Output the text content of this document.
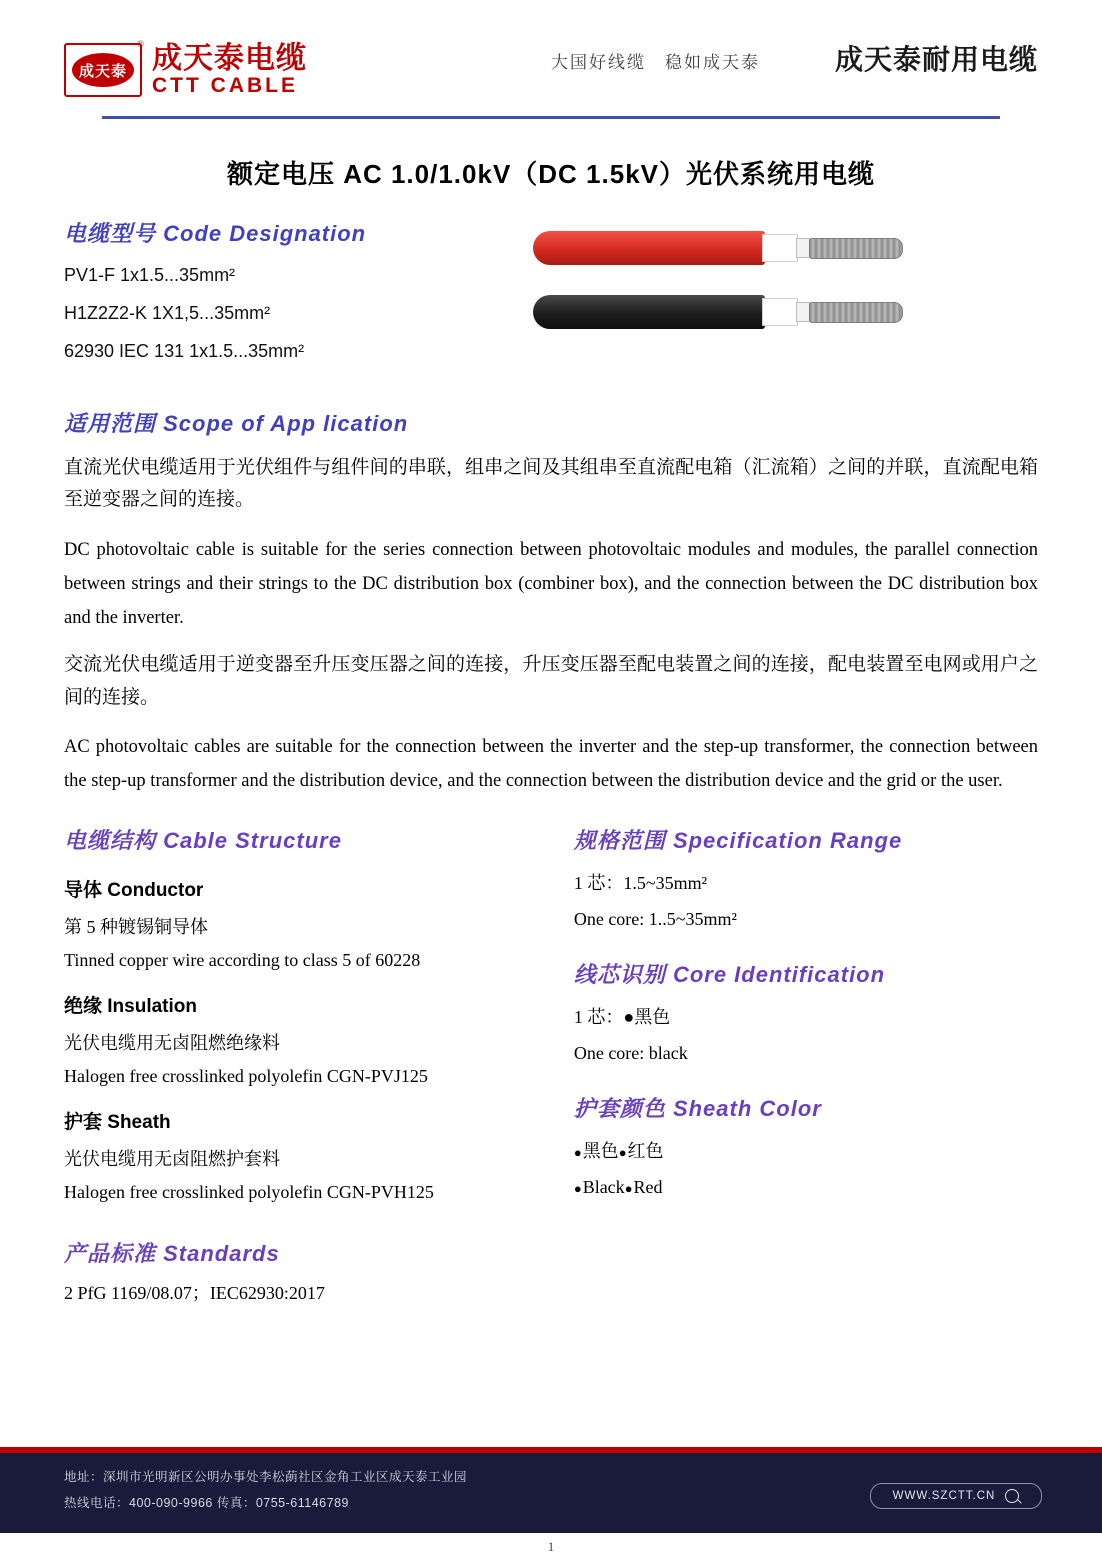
成天泰
® 成天泰电缆
CTT CABLE
大国好线缆　稳如成天泰	成天泰耐用电缆
额定电压 AC 1.0/1.0kV（DC 1.5kV）光伏系统用电缆
电缆型号 Code Designation
PV1-F 1x1.5...35mm²
H1Z2Z2-K 1X1,5...35mm²
62930 IEC 131 1x1.5...35mm²
适用范围 Scope of App lication

直流光伏电缆适用于光伏组件与组件间的串联，组串之间及其组串至直流配电箱（汇流箱）之间的并联，直流配电箱至逆变器之间的连接。

DC photovoltaic cable is suitable for the series connection between photovoltaic modules and modules, the parallel connection between strings and their strings to the DC distribution box (combiner box), and the connection between the DC distribution box and the inverter.

交流光伏电缆适用于逆变器至升压变压器之间的连接，升压变压器至配电装置之间的连接，配电装置至电网或用户之间的连接。

AC photovoltaic cables are suitable for the connection between the inverter and the step-up transformer, the connection between the step-up transformer and the distribution device, and the connection between the distribution device and the grid or the user.

电缆结构 Cable Structure
导体 Conductor
第 5 种镀锡铜导体
Tinned copper wire according to class 5 of 60228
绝缘 Insulation
光伏电缆用无卤阻燃绝缘料
Halogen free crosslinked polyolefin CGN-PVJ125
护套 Sheath
光伏电缆用无卤阻燃护套料
Halogen free crosslinked polyolefin CGN-PVH125
产品标准 Standards
2 PfG 1169/08.07；IEC62930:2017
规格范围 Specification Range
1 芯：1.5~35mm²
One core: 1..5~35mm²
线芯识别 Core Identification
1 芯：●黑色
One core: black
护套颜色 Sheath Color
● 黑色 ● 红色
● Black ● Red
地址：深圳市光明新区公明办事处李松蓢社区金角工业区成天泰工业园
热线电话：400-090-9966 传真：0755-61146789	WWW.SZCTT.CN
1
